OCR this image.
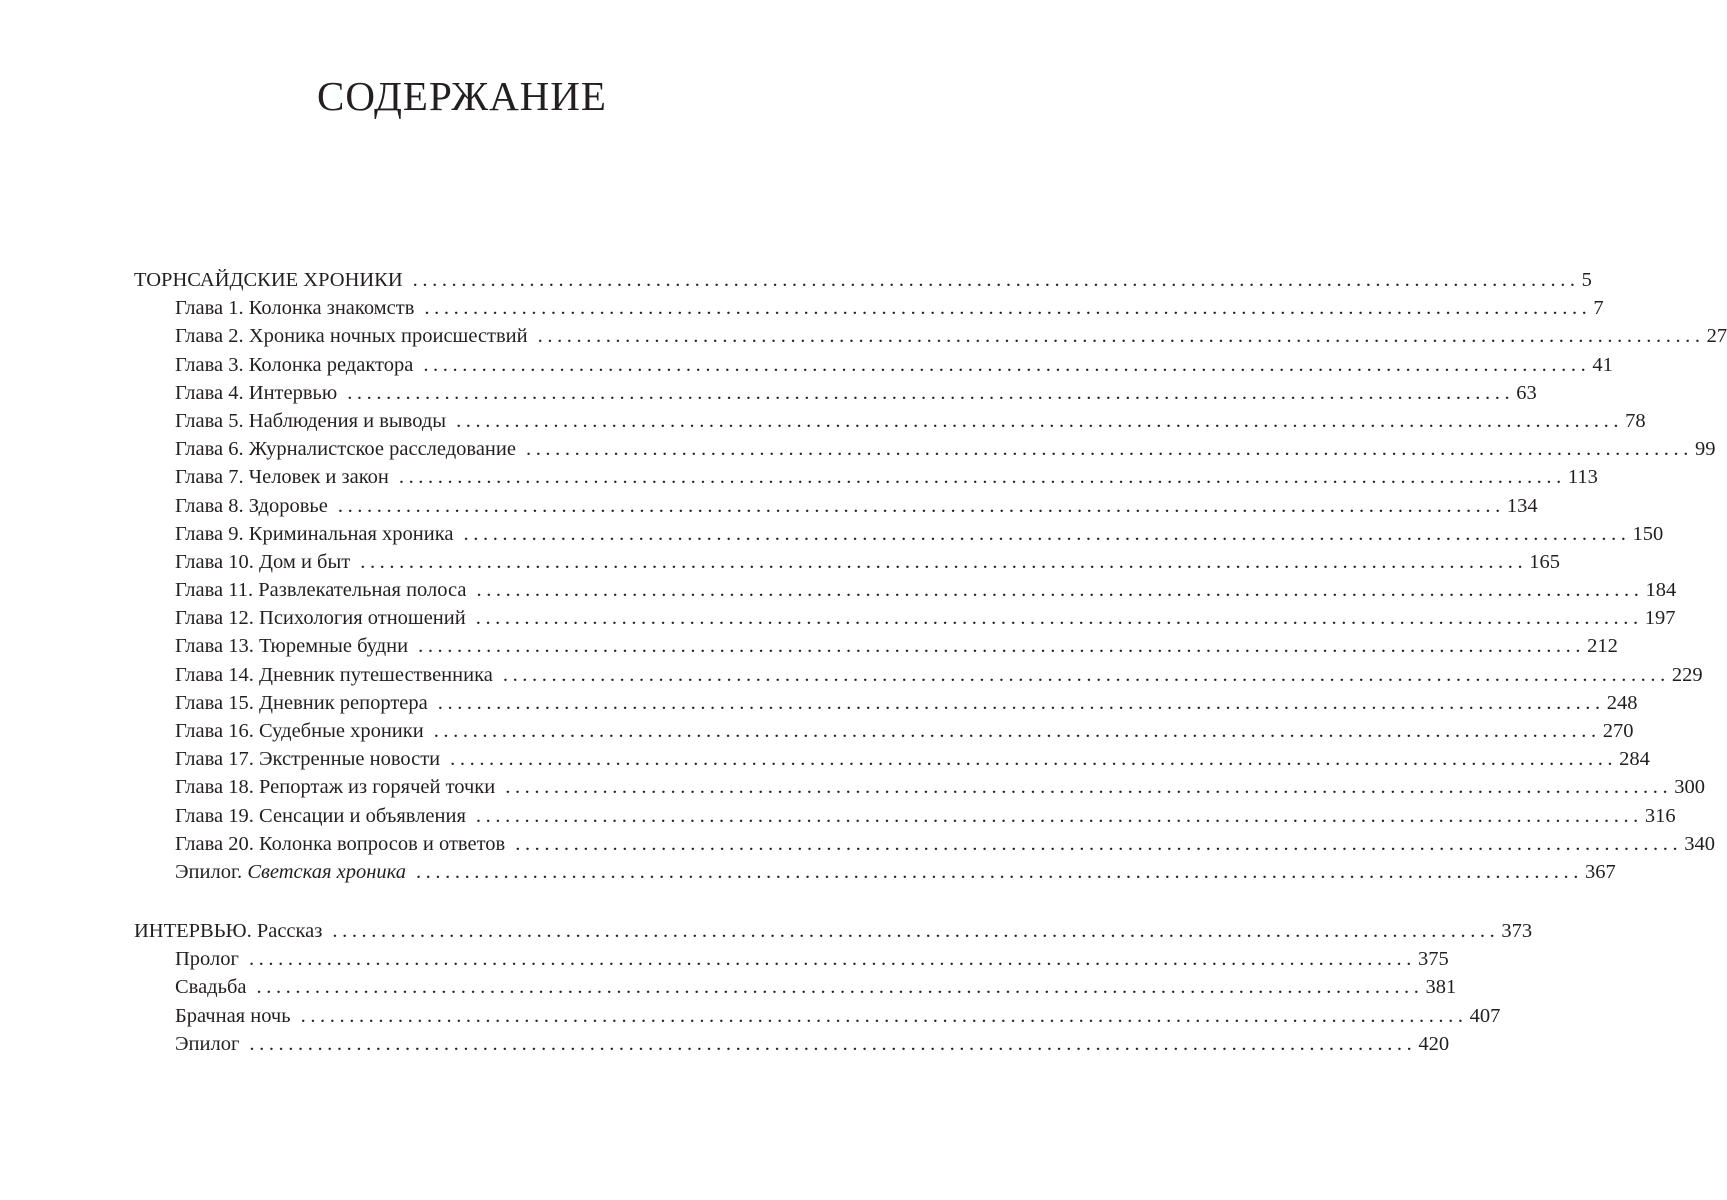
СОДЕРЖАНИЕ
ТОРНСАЙДСКИЕ ХРОНИКИ ........................................................................................................................ 5
Глава 1. Колонка знакомств ........................................................................................................................ 7
Глава 2. Хроника ночных происшествий ........................................................................................................................ 27
Глава 3. Колонка редактора ........................................................................................................................ 41
Глава 4. Интервью ........................................................................................................................ 63
Глава 5. Наблюдения и выводы ........................................................................................................................ 78
Глава 6. Журналистское расследование ........................................................................................................................ 99
Глава 7. Человек и закон ........................................................................................................................ 113
Глава 8. Здоровье ........................................................................................................................ 134
Глава 9. Криминальная хроника ........................................................................................................................ 150
Глава 10. Дом и быт ........................................................................................................................ 165
Глава 11. Развлекательная полоса ........................................................................................................................ 184
Глава 12. Психология отношений ........................................................................................................................ 197
Глава 13. Тюремные будни ........................................................................................................................ 212
Глава 14. Дневник путешественника ........................................................................................................................ 229
Глава 15. Дневник репортера ........................................................................................................................ 248
Глава 16. Судебные хроники ........................................................................................................................ 270
Глава 17. Экстренные новости ........................................................................................................................ 284
Глава 18. Репортаж из горячей точки ........................................................................................................................ 300
Глава 19. Сенсации и объявления ........................................................................................................................ 316
Глава 20. Колонка вопросов и ответов ........................................................................................................................ 340
Эпилог. Светская хроника ........................................................................................................................ 367
ИНТЕРВЬЮ. Рассказ ........................................................................................................................ 373
Пролог ........................................................................................................................ 375
Свадьба ........................................................................................................................ 381
Брачная ночь ........................................................................................................................ 407
Эпилог ........................................................................................................................ 420
